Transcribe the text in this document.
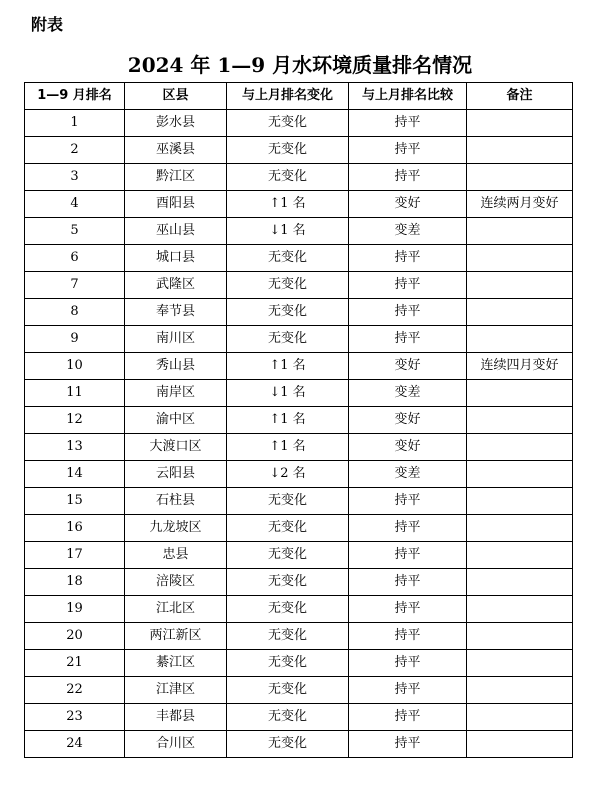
附表
2024 年 1—9 月水环境质量排名情况
1—9 月排名	区县	与上月排名变化	与上月排名比较	备注
1	彭水县	无变化	持平	
2	巫溪县	无变化	持平	
3	黔江区	无变化	持平	
4	酉阳县	↑1 名	变好	连续两月变好
5	巫山县	↓1 名	变差	
6	城口县	无变化	持平	
7	武隆区	无变化	持平	
8	奉节县	无变化	持平	
9	南川区	无变化	持平	
10	秀山县	↑1 名	变好	连续四月变好
11	南岸区	↓1 名	变差	
12	渝中区	↑1 名	变好	
13	大渡口区	↑1 名	变好	
14	云阳县	↓2 名	变差	
15	石柱县	无变化	持平	
16	九龙坡区	无变化	持平	
17	忠县	无变化	持平	
18	涪陵区	无变化	持平	
19	江北区	无变化	持平	
20	两江新区	无变化	持平	
21	綦江区	无变化	持平	
22	江津区	无变化	持平	
23	丰都县	无变化	持平	
24	合川区	无变化	持平	
